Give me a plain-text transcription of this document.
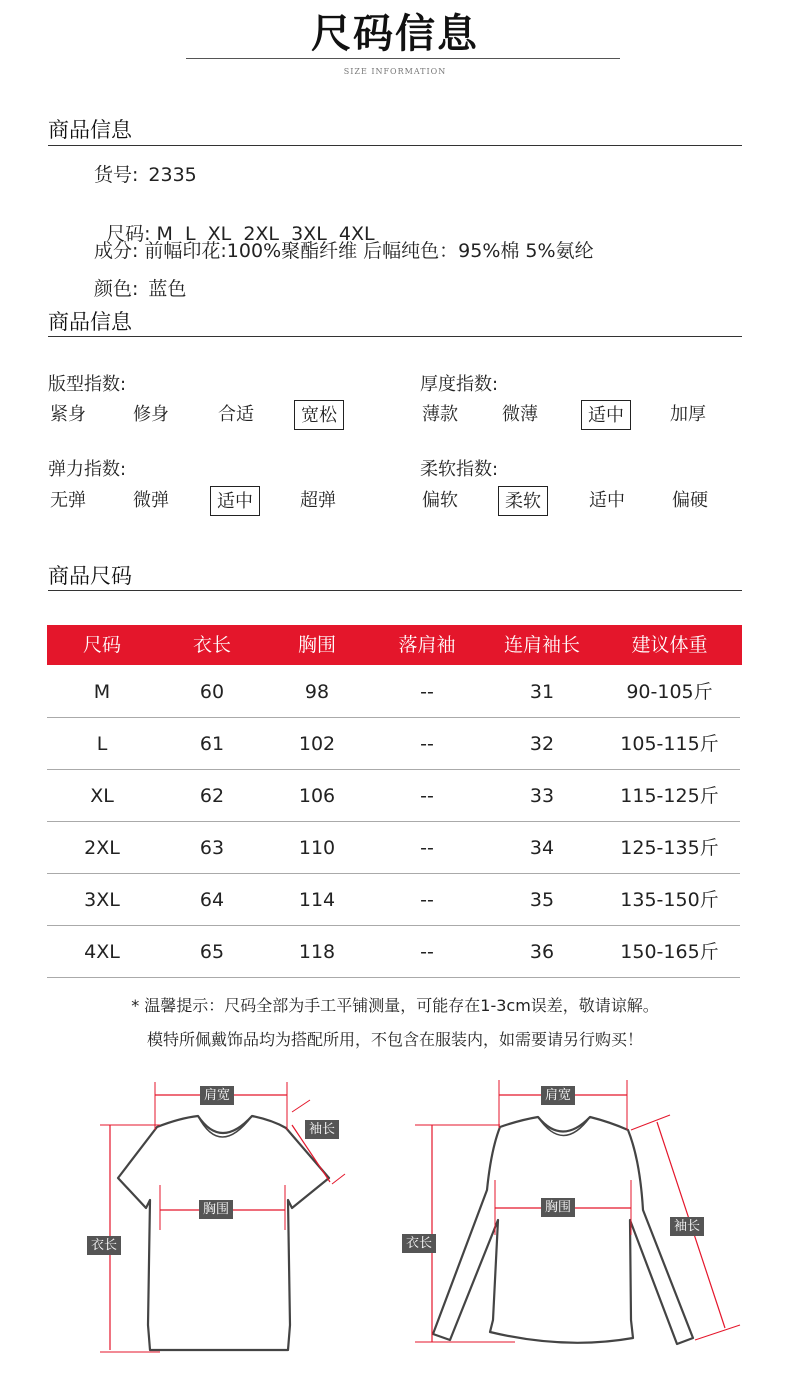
尺码信息
SIZE INFORMATION
商品信息
货号: 2335

尺码: M  L  XL  2XL  3XL  4XL

成分: 前幅印花:100%聚酯纤维 后幅纯色：95%棉 5%氨纶
颜色: 蓝色
商品信息
版型指数:
紧身	修身	合适	宽松
厚度指数:
薄款 微薄	适中	加厚
弹力指数:
无弹	微弹	适中	超弹
柔软指数:
偏软	柔软	适中	偏硬
商品尺码
尺码	衣长	胸围	落肩袖	连肩袖长	建议体重
M	60	98	--	31	90-105斤
L	61	102	--	32	105-115斤
XL	62	106	--	33	115-125斤
2XL	63	110	--	34	125-135斤
3XL	64	114	--	35	135-150斤
4XL	65	118	--	36	150-165斤
* 温馨提示：尺码全部为手工平铺测量，可能存在1-3cm误差，敬请谅解。
模特所佩戴饰品均为搭配所用，不包含在服装内，如需要请另行购买！
肩宽
袖长
胸围
衣长
肩宽
胸围
袖长
衣长
